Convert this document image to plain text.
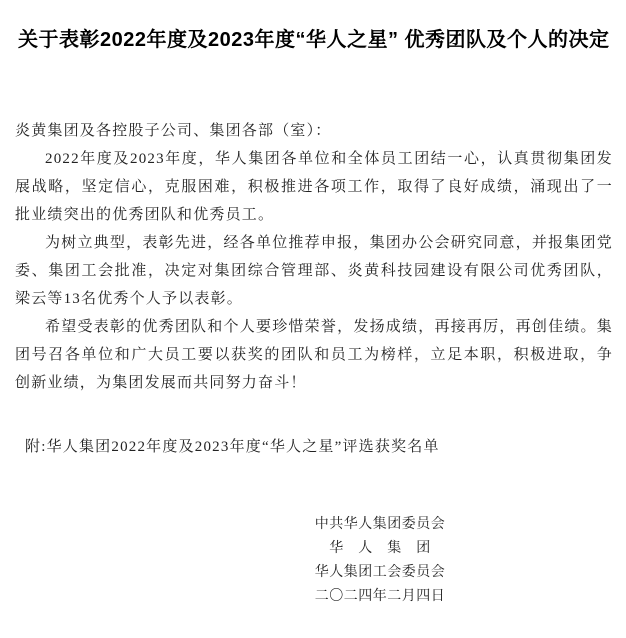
关于表彰2022年度及2023年度“华人之星” 优秀团队及个人的决定
炎黄集团及各控股子公司、集团各部（室）：

2022年度及2023年度，华人集团各单位和全体员工团结一心，认真贯彻集团发展战略，坚定信心，克服困难，积极推进各项工作，取得了良好成绩，涌现出了一批业绩突出的优秀团队和优秀员工。

为树立典型，表彰先进，经各单位推荐申报，集团办公会研究同意，并报集团党委、集团工会批准，决定对集团综合管理部、炎黄科技园建设有限公司优秀团队，梁云等13名优秀个人予以表彰。

希望受表彰的优秀团队和个人要珍惜荣誉，发扬成绩，再接再厉，再创佳绩。集团号召各单位和广大员工要以获奖的团队和员工为榜样，立足本职，积极进取，争创新业绩，为集团发展而共同努力奋斗！

附:华人集团2022年度及2023年度“华人之星”评选获奖名单
中共华人集团委员会
华　人　集　团
华人集团工会委员会
二〇二四年二月四日
